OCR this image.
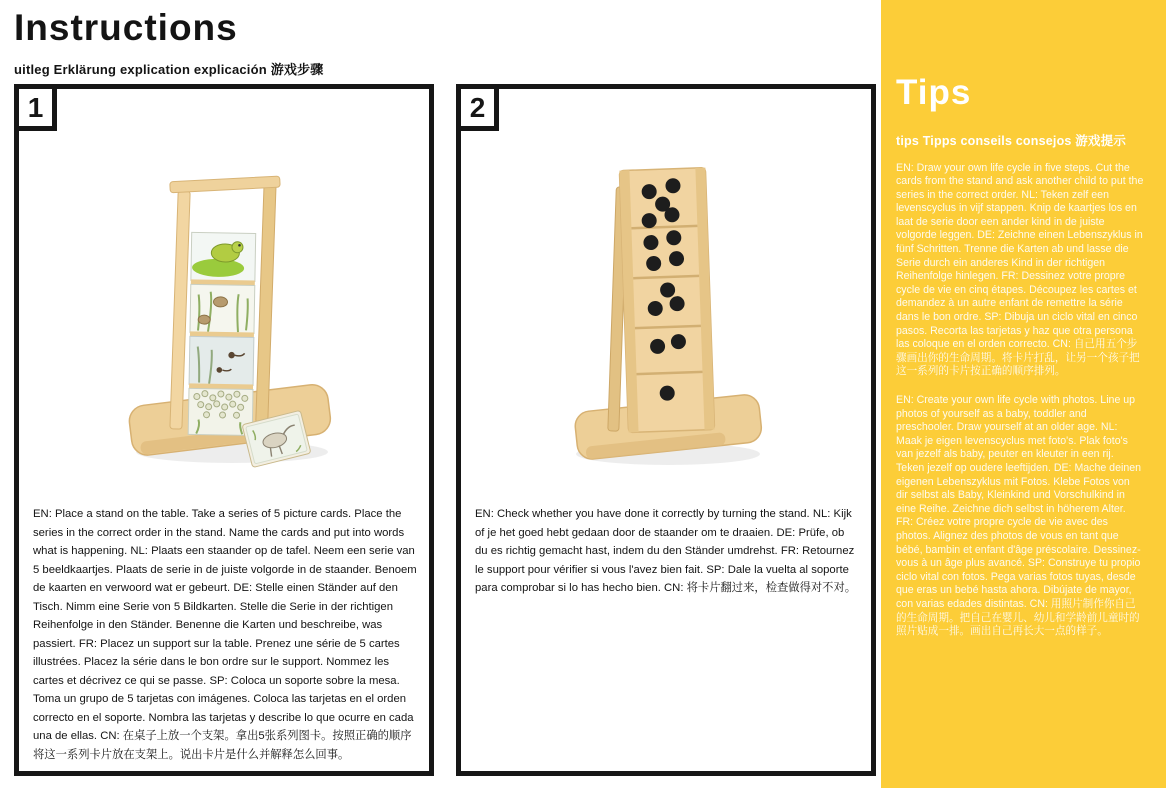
Instructions
uitleg Erklärung explication explicación 游戏步骤
1
EN: Place a stand on the table. Take a series of 5 picture cards. Place the series in the correct order in the stand. Name the cards and put into words what is happening. NL: Plaats een staander op de tafel. Neem een serie van 5 beeldkaartjes. Plaats de serie in de juiste volgorde in de staander. Benoem de kaarten en verwoord wat er gebeurt. DE: Stelle einen Ständer auf den Tisch. Nimm eine Serie von 5 Bildkarten. Stelle die Serie in der richtigen Reihenfolge in den Ständer. Benenne die Karten und beschreibe, was passiert. FR: Placez un support sur la table. Prenez une série de 5 cartes illustrées. Placez la série dans le bon ordre sur le support. Nommez les cartes et décrivez ce qui se passe. SP: Coloca un soporte sobre la mesa. Toma un grupo de 5 tarjetas con imágenes. Coloca las tarjetas en el orden correcto en el soporte. Nombra las tarjetas y describe lo que ocurre en cada una de ellas. CN: 在桌子上放一个支架。拿出5张系列图卡。按照正确的顺序将这一系列卡片放在支架上。说出卡片是什么并解释怎么回事。
2
EN: Check whether you have done it correctly by turning the stand. NL: Kijk of je het goed hebt gedaan door de staander om te draaien. DE: Prüfe, ob du es richtig gemacht hast, indem du den Ständer umdrehst. FR: Retournez le support pour vérifier si vous l'avez bien fait. SP: Dale la vuelta al soporte para comprobar si lo has hecho bien. CN: 将卡片翻过来，检查做得对不对。
Tips
tips Tipps conseils consejos 游戏提示
EN: Draw your own life cycle in five steps. Cut the cards from the stand and ask another child to put the series in the correct order. NL: Teken zelf een levenscyclus in vijf stappen. Knip de kaartjes los en laat de serie door een ander kind in de juiste volgorde leggen. DE: Zeichne einen Lebenszyklus in fünf Schritten. Trenne die Karten ab und lasse die Serie durch ein anderes Kind in der richtigen Reihenfolge hinlegen. FR: Dessinez votre propre cycle de vie en cinq étapes. Découpez les cartes et demandez à un autre enfant de remettre la série dans le bon ordre. SP: Dibuja un ciclo vital en cinco pasos. Recorta las tarjetas y haz que otra persona las coloque en el orden correcto. CN: 自己用五个步骤画出你的生命周期。将卡片打乱，让另一个孩子把这一系列的卡片按正确的顺序排列。
EN: Create your own life cycle with photos. Line up photos of yourself as a baby, toddler and preschooler. Draw yourself at an older age. NL: Maak je eigen levenscyclus met foto's. Plak foto's van jezelf als baby, peuter en kleuter in een rij. Teken jezelf op oudere leeftijden. DE: Mache deinen eigenen Lebenszyklus mit Fotos. Klebe Fotos von dir selbst als Baby, Kleinkind und Vorschulkind in eine Reihe. Zeichne dich selbst in höherem Alter. FR: Créez votre propre cycle de vie avec des photos. Alignez des photos de vous en tant que bébé, bambin et enfant d'âge préscolaire. Dessinez-vous à un âge plus avancé. SP: Construye tu propio ciclo vital con fotos. Pega varias fotos tuyas, desde que eras un bebé hasta ahora. Dibújate de mayor, con varias edades distintas. CN: 用照片制作你自己的生命周期。把自己在婴儿、幼儿和学龄前儿童时的照片贴成一排。画出自己再长大一点的样子。
